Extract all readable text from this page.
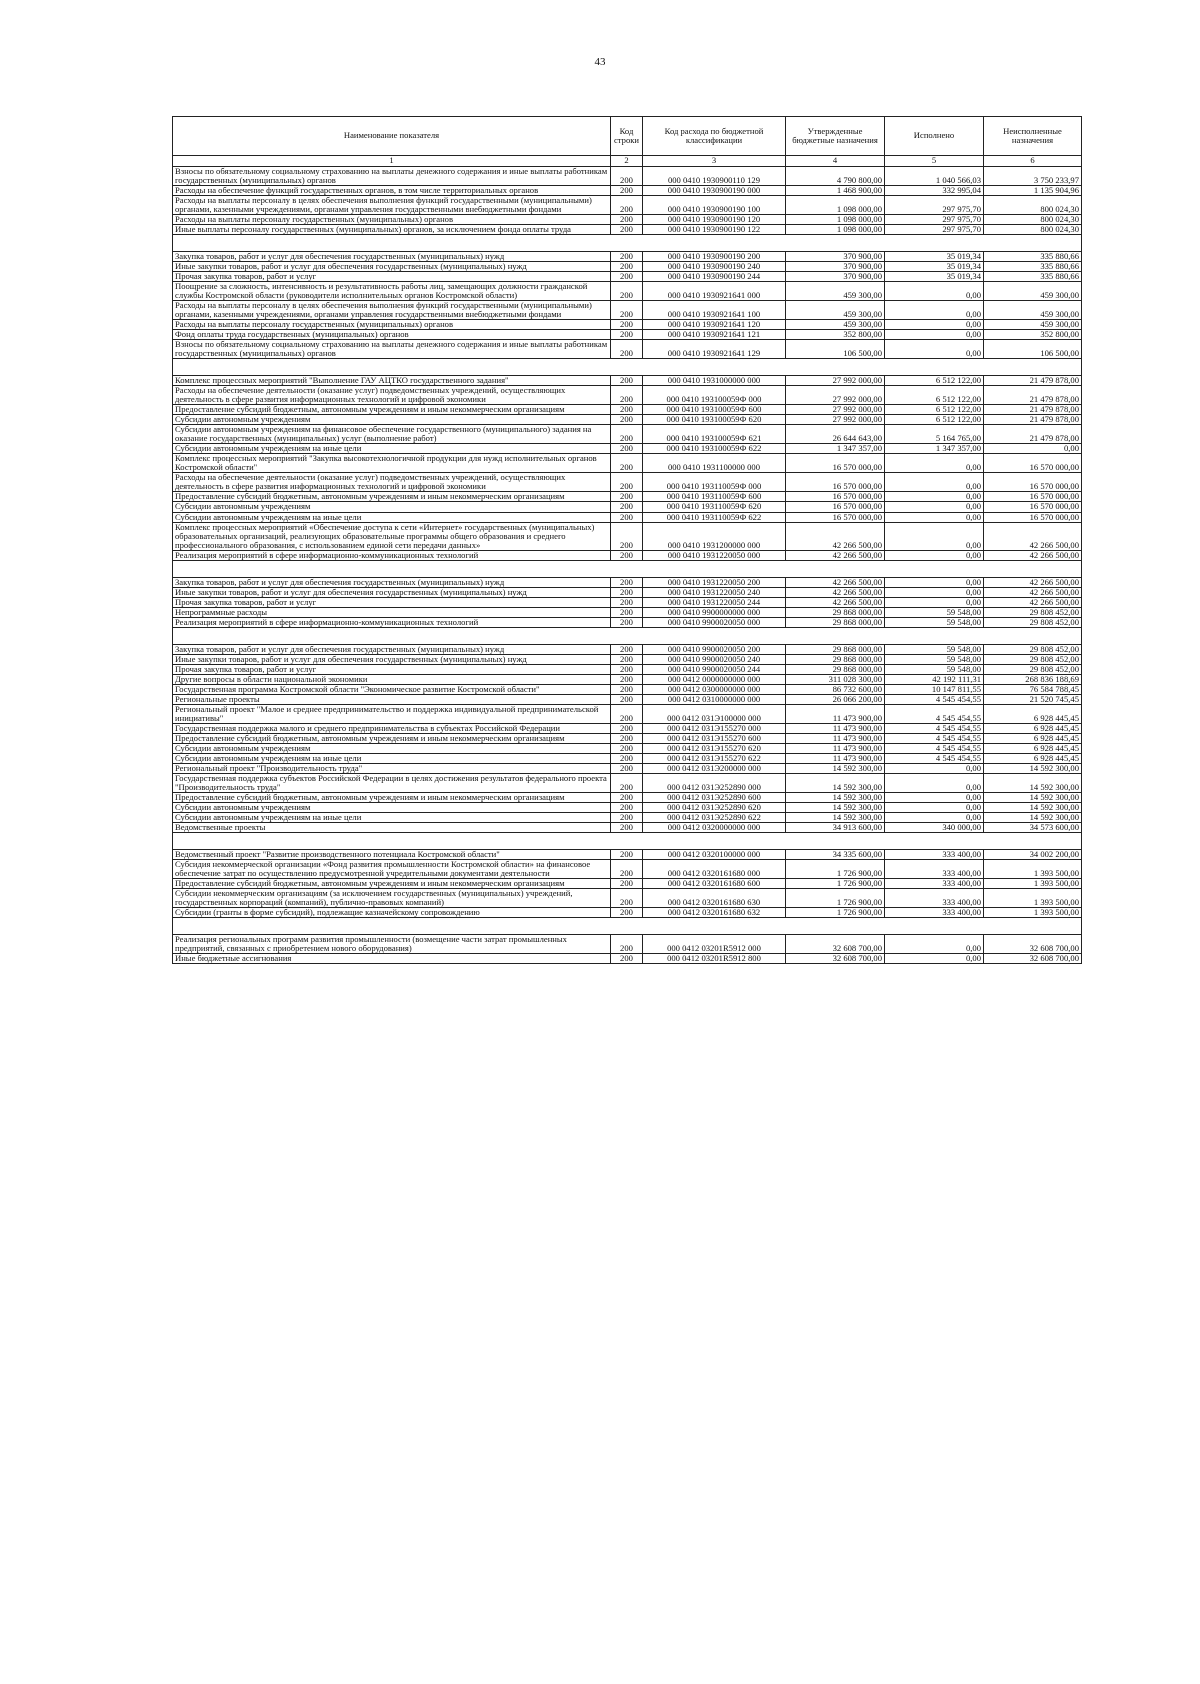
43
Наименование показателя	Код строки	Код расхода по бюджетной классификации	Утвержденные бюджетные назначения	Исполнено	Неисполненные назначения
1	2	3	4	5	6
Взносы по обязательному социальному страхованию на выплаты денежного содержания и иные выплаты работникам государственных (муниципальных) органов	200	000 0410 1930900110 129	4 790 800,00	1 040 566,03	3 750 233,97
Расходы на обеспечение функций государственных органов, в том числе территориальных органов	200	000 0410 1930900190 000	1 468 900,00	332 995,04	1 135 904,96
Расходы на выплаты персоналу в целях обеспечения выполнения функций государственными (муниципальными) органами, казенными учреждениями, органами управления государственными внебюджетными фондами	200	000 0410 1930900190 100	1 098 000,00	297 975,70	800 024,30
Расходы на выплаты персоналу государственных (муниципальных) органов	200	000 0410 1930900190 120	1 098 000,00	297 975,70	800 024,30
Иные выплаты персоналу государственных (муниципальных) органов, за исключением фонда оплаты труда	200	000 0410 1930900190 122	1 098 000,00	297 975,70	800 024,30

Закупка товаров, работ и услуг для обеспечения государственных (муниципальных) нужд	200	000 0410 1930900190 200	370 900,00	35 019,34	335 880,66
Иные закупки товаров, работ и услуг для обеспечения государственных (муниципальных) нужд	200	000 0410 1930900190 240	370 900,00	35 019,34	335 880,66
Прочая закупка товаров, работ и услуг	200	000 0410 1930900190 244	370 900,00	35 019,34	335 880,66
Поощрение за сложность, интенсивность и результативность работы лиц, замещающих должности гражданской службы Костромской области (руководители исполнительных органов Костромской области)	200	000 0410 1930921641 000	459 300,00	0,00	459 300,00
Расходы на выплаты персоналу в целях обеспечения выполнения функций государственными (муниципальными) органами, казенными учреждениями, органами управления государственными внебюджетными фондами	200	000 0410 1930921641 100	459 300,00	0,00	459 300,00
Расходы на выплаты персоналу государственных (муниципальных) органов	200	000 0410 1930921641 120	459 300,00	0,00	459 300,00
Фонд оплаты труда государственных (муниципальных) органов	200	000 0410 1930921641 121	352 800,00	0,00	352 800,00
Взносы по обязательному социальному страхованию на выплаты денежного содержания и иные выплаты работникам государственных (муниципальных) органов	200	000 0410 1930921641 129	106 500,00	0,00	106 500,00

Комплекс процессных мероприятий "Выполнение ГАУ АЦТКО государственного задания"	200	000 0410 1931000000 000	27 992 000,00	6 512 122,00	21 479 878,00
Расходы на обеспечение деятельности (оказание услуг) подведомственных учреждений, осуществляющих деятельность в сфере развития информационных технологий и цифровой экономики	200	000 0410 193100059Ф 000	27 992 000,00	6 512 122,00	21 479 878,00
Предоставление субсидий бюджетным, автономным учреждениям и иным некоммерческим организациям	200	000 0410 193100059Ф 600	27 992 000,00	6 512 122,00	21 479 878,00
Субсидии автономным учреждениям	200	000 0410 193100059Ф 620	27 992 000,00	6 512 122,00	21 479 878,00
Субсидии автономным учреждениям на финансовое обеспечение государственного (муниципального) задания на оказание государственных (муниципальных) услуг (выполнение работ)	200	000 0410 193100059Ф 621	26 644 643,00	5 164 765,00	21 479 878,00
Субсидии автономным учреждениям на иные цели	200	000 0410 193100059Ф 622	1 347 357,00	1 347 357,00	0,00
Комплекс процессных мероприятий "Закупка высокотехнологичной продукции для нужд исполнительных органов Костромской области"	200	000 0410 1931100000 000	16 570 000,00	0,00	16 570 000,00
Расходы на обеспечение деятельности (оказание услуг) подведомственных учреждений, осуществляющих деятельность в сфере развития информационных технологий и цифровой экономики	200	000 0410 193110059Ф 000	16 570 000,00	0,00	16 570 000,00
Предоставление субсидий бюджетным, автономным учреждениям и иным некоммерческим организациям	200	000 0410 193110059Ф 600	16 570 000,00	0,00	16 570 000,00
Субсидии автономным учреждениям	200	000 0410 193110059Ф 620	16 570 000,00	0,00	16 570 000,00
Субсидии автономным учреждениям на иные цели	200	000 0410 193110059Ф 622	16 570 000,00	0,00	16 570 000,00
Комплекс процессных мероприятий «Обеспечение доступа к сети «Интернет» государственных (муниципальных) образовательных организаций, реализующих образовательные программы общего образования и среднего профессионального образования, с использованием единой сети передачи данных»	200	000 0410 1931200000 000	42 266 500,00	0,00	42 266 500,00
Реализация мероприятий в сфере информационно-коммуникационных технологий	200	000 0410 1931220050 000	42 266 500,00	0,00	42 266 500,00

Закупка товаров, работ и услуг для обеспечения государственных (муниципальных) нужд	200	000 0410 1931220050 200	42 266 500,00	0,00	42 266 500,00
Иные закупки товаров, работ и услуг для обеспечения государственных (муниципальных) нужд	200	000 0410 1931220050 240	42 266 500,00	0,00	42 266 500,00
Прочая закупка товаров, работ и услуг	200	000 0410 1931220050 244	42 266 500,00	0,00	42 266 500,00
Непрограммные расходы	200	000 0410 9900000000 000	29 868 000,00	59 548,00	29 808 452,00
Реализация мероприятий в сфере информационно-коммуникационных технологий	200	000 0410 9900020050 000	29 868 000,00	59 548,00	29 808 452,00

Закупка товаров, работ и услуг для обеспечения государственных (муниципальных) нужд	200	000 0410 9900020050 200	29 868 000,00	59 548,00	29 808 452,00
Иные закупки товаров, работ и услуг для обеспечения государственных (муниципальных) нужд	200	000 0410 9900020050 240	29 868 000,00	59 548,00	29 808 452,00
Прочая закупка товаров, работ и услуг	200	000 0410 9900020050 244	29 868 000,00	59 548,00	29 808 452,00
Другие вопросы в области национальной экономики	200	000 0412 0000000000 000	311 028 300,00	42 192 111,31	268 836 188,69
Государственная программа Костромской области "Экономическое развитие Костромской области"	200	000 0412 0300000000 000	86 732 600,00	10 147 811,55	76 584 788,45
Региональные проекты	200	000 0412 0310000000 000	26 066 200,00	4 545 454,55	21 520 745,45
Региональный проект "Малое и среднее предпринимательство и поддержка индивидуальной предпринимательской инициативы"	200	000 0412 031Э100000 000	11 473 900,00	4 545 454,55	6 928 445,45
Государственная поддержка малого и среднего предпринимательства в субъектах Российской Федерации	200	000 0412 031Э155270 000	11 473 900,00	4 545 454,55	6 928 445,45
Предоставление субсидий бюджетным, автономным учреждениям и иным некоммерческим организациям	200	000 0412 031Э155270 600	11 473 900,00	4 545 454,55	6 928 445,45
Субсидии автономным учреждениям	200	000 0412 031Э155270 620	11 473 900,00	4 545 454,55	6 928 445,45
Субсидии автономным учреждениям на иные цели	200	000 0412 031Э155270 622	11 473 900,00	4 545 454,55	6 928 445,45
Региональный проект "Производительность труда"	200	000 0412 031Э200000 000	14 592 300,00	0,00	14 592 300,00
Государственная поддержка субъектов Российской Федерации в целях достижения результатов федерального проекта "Производительность труда"	200	000 0412 031Э252890 000	14 592 300,00	0,00	14 592 300,00
Предоставление субсидий бюджетным, автономным учреждениям и иным некоммерческим организациям	200	000 0412 031Э252890 600	14 592 300,00	0,00	14 592 300,00
Субсидии автономным учреждениям	200	000 0412 031Э252890 620	14 592 300,00	0,00	14 592 300,00
Субсидии автономным учреждениям на иные цели	200	000 0412 031Э252890 622	14 592 300,00	0,00	14 592 300,00
Ведомственные проекты	200	000 0412 0320000000 000	34 913 600,00	340 000,00	34 573 600,00

Ведомственный проект "Развитие производственного потенциала Костромской области"	200	000 0412 0320100000 000	34 335 600,00	333 400,00	34 002 200,00
Субсидия некоммерческой организации «Фонд развития промышленности Костромской области» на финансовое обеспечение затрат по осуществлению предусмотренной учредительными документами деятельности	200	000 0412 0320161680 000	1 726 900,00	333 400,00	1 393 500,00
Предоставление субсидий бюджетным, автономным учреждениям и иным некоммерческим организациям	200	000 0412 0320161680 600	1 726 900,00	333 400,00	1 393 500,00
Субсидии некоммерческим организациям (за исключением государственных (муниципальных) учреждений, государственных корпораций (компаний), публично-правовых компаний)	200	000 0412 0320161680 630	1 726 900,00	333 400,00	1 393 500,00
Субсидии (гранты в форме субсидий), подлежащие казначейскому сопровождению	200	000 0412 0320161680 632	1 726 900,00	333 400,00	1 393 500,00

Реализация региональных программ развития промышленности (возмещение части затрат промышленных предприятий, связанных с приобретением нового оборудования)	200	000 0412 03201R5912 000	32 608 700,00	0,00	32 608 700,00
Иные бюджетные ассигнования	200	000 0412 03201R5912 800	32 608 700,00	0,00	32 608 700,00
